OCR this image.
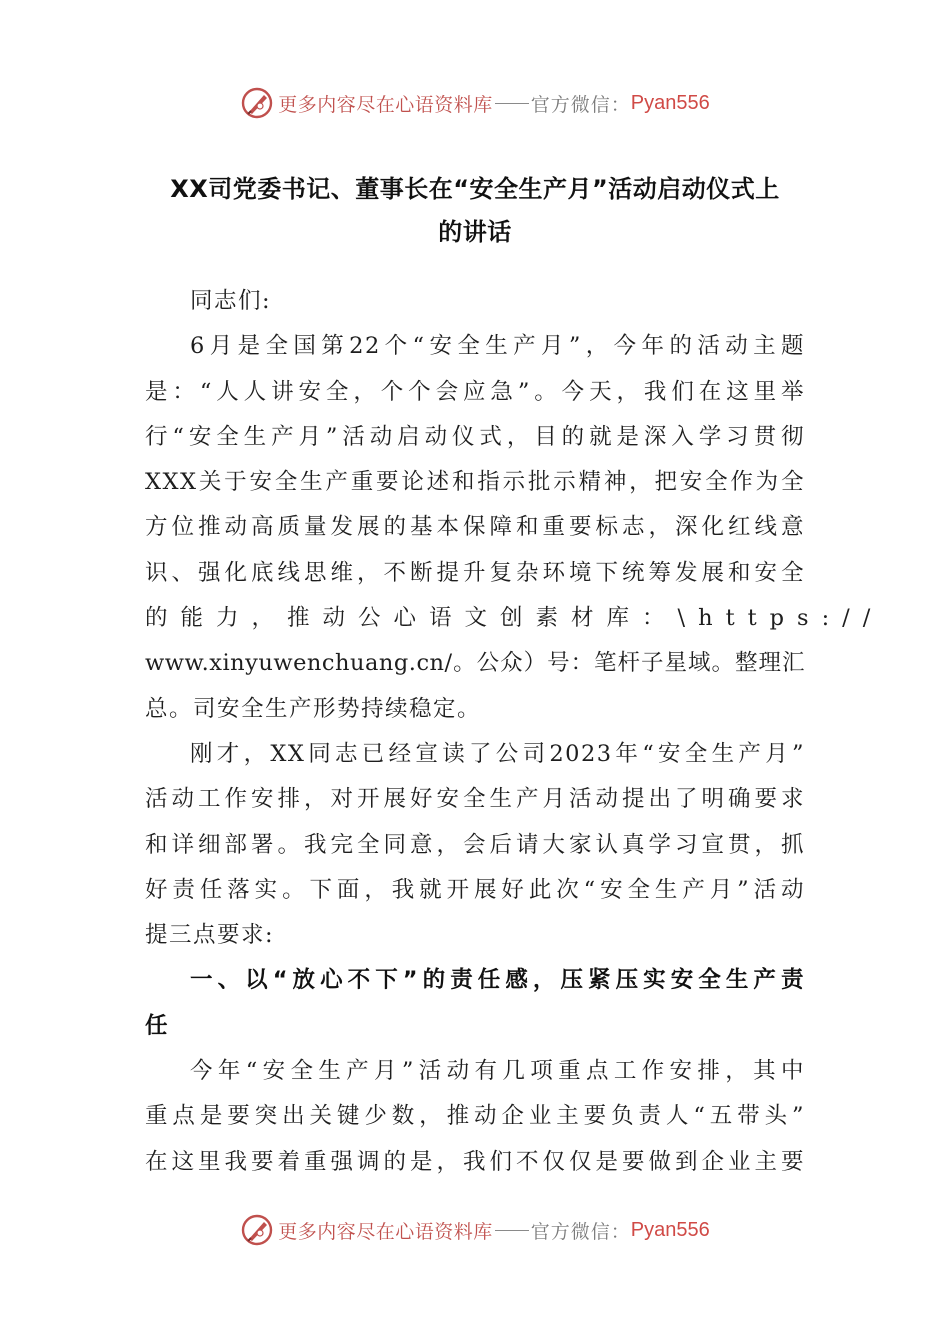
更多内容尽在心语资料库 官方微信： Pyan556
XX司党委书记、董事长在“安全生产月”活动启动仪式上
的讲话

同志们:

6月是全国第22个“安全生产月”，今年的活动主题
是：“人人讲安全，个个会应急”。今天，我们在这里举
行“安全生产月”活动启动仪式，目的就是深入学习贯彻
XXX关于安全生产重要论述和指示批示精神，把安全作为全
方位推动高质量发展的基本保障和重要标志，深化红线意
识、强化底线思维，不断提升复杂环境下统筹发展和安全
的能力，推动公心语文创素材库：\https://
www.xinyuwenchuang.cn/。公众）号：笔杆子星域。整理汇
总。司安全生产形势持续稳定。

刚才，XX同志已经宣读了公司2023年“安全生产月”
活动工作安排，对开展好安全生产月活动提出了明确要求
和详细部署。我完全同意，会后请大家认真学习宣贯，抓
好责任落实。下面，我就开展好此次“安全生产月”活动
提三点要求:

一、以“放心不下”的责任感，压紧压实安全生产责
任

今年“安全生产月”活动有几项重点工作安排，其中
重点是要突出关键少数，推动企业主要负责人“五带头”
在这里我要着重强调的是，我们不仅仅是要做到企业主要

更多内容尽在心语资料库 官方微信： Pyan556
